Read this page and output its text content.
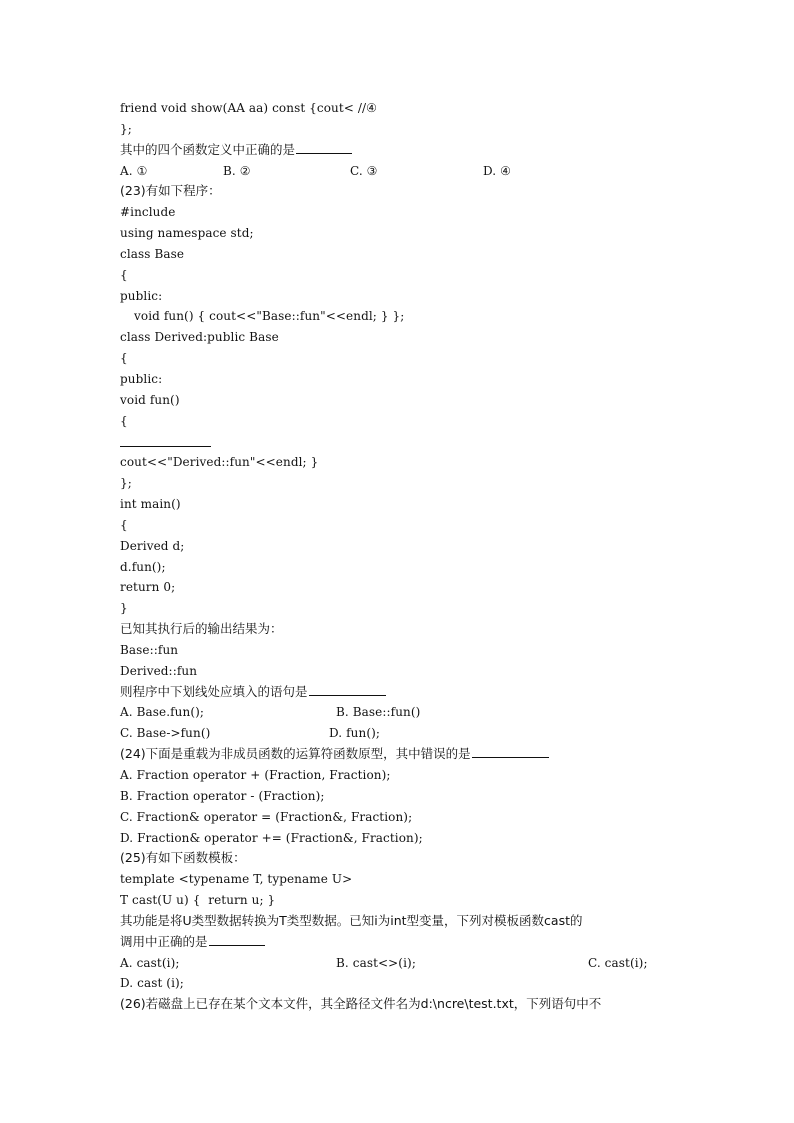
friend void show(AA aa) const {cout< //④
};
其中的四个函数定义中正确的是
A. ①	B. ②	C. ③	D. ④
(23)有如下程序：
#include
using namespace std;
class Base
{
public:
void fun() { cout<<"Base::fun"<<endl; } };
class Derived:public Base
{
public:
void fun()
{
cout<<"Derived::fun"<<endl; }
};
int main()
{
Derived d;
d.fun();
return 0;
}
已知其执行后的输出结果为：
Base::fun
Derived::fun
则程序中下划线处应填入的语句是
A. Base.fun();	B. Base::fun()
C. Base->fun()	D. fun();
(24)下面是重载为非成员函数的运算符函数原型，其中错误的是
A. Fraction operator + (Fraction, Fraction);
B. Fraction operator - (Fraction);
C. Fraction& operator = (Fraction&, Fraction);
D. Fraction& operator += (Fraction&, Fraction);
(25)有如下函数模板：
template <typename T, typename U>
T cast(U u) {  return u; }
其功能是将U类型数据转换为T类型数据。已知i为int型变量，下列对模板函数cast的
调用中正确的是
A. cast(i);	B. cast<>(i);	C. cast(i);
D. cast (i);
(26)若磁盘上已存在某个文本文件，其全路径文件名为d:\ncre\test.txt，下列语句中不
